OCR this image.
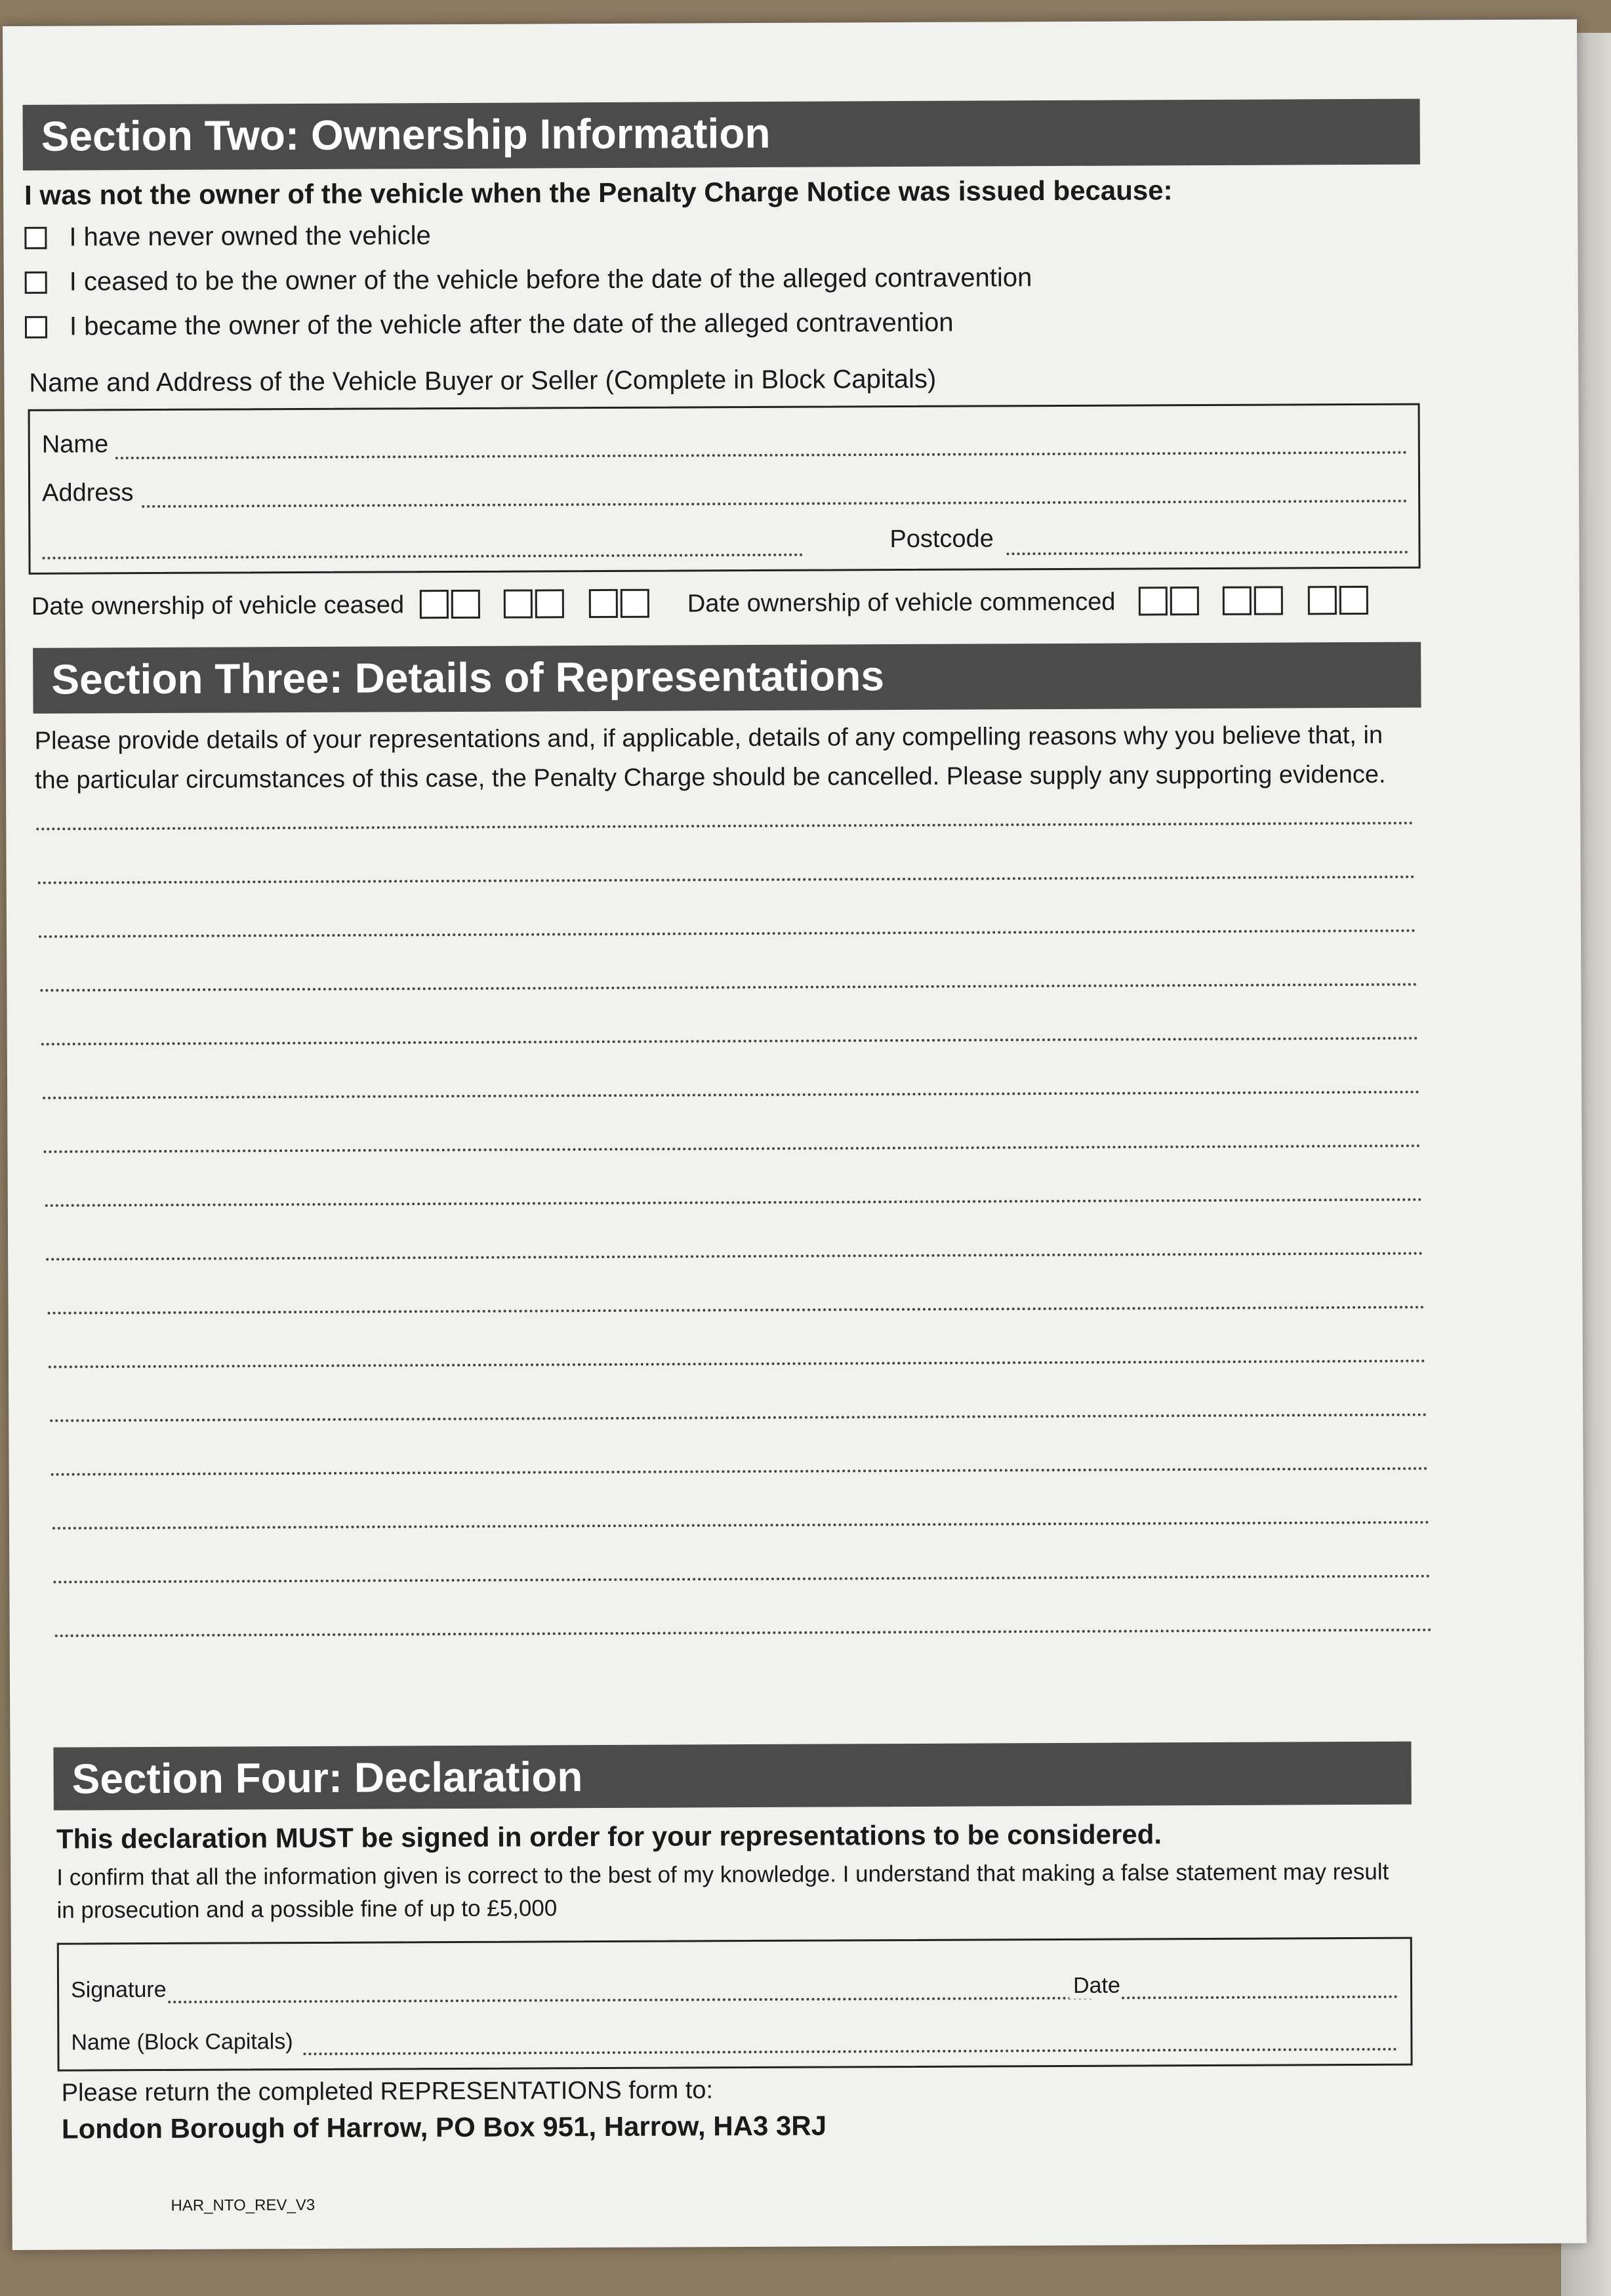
Section Two: Ownership Information
I was not the owner of the vehicle when the Penalty Charge Notice was issued because:
I have never owned the vehicle
I ceased to be the owner of the vehicle before the date of the alleged contravention
I became the owner of the vehicle after the date of the alleged contravention
Name and Address of the Vehicle Buyer or Seller (Complete in Block Capitals)
Name
Address
Postcode
Date ownership of vehicle ceased	Date ownership of vehicle commenced
Section Three: Details of Representations
Please provide details of your representations and, if applicable, details of any compelling reasons why you believe that, in the particular circumstances of this case, the Penalty Charge should be cancelled. Please supply any supporting evidence.
Section Four: Declaration
This declaration MUST be signed in order for your representations to be considered.
I confirm that all the information given is correct to the best of my knowledge. I understand that making a false statement may result in prosecution and a possible fine of up to £5,000
Signature	Date
Name (Block Capitals)
Please return the completed REPRESENTATIONS form to:
London Borough of Harrow, PO Box 951, Harrow, HA3 3RJ
HAR_NTO_REV_V3
